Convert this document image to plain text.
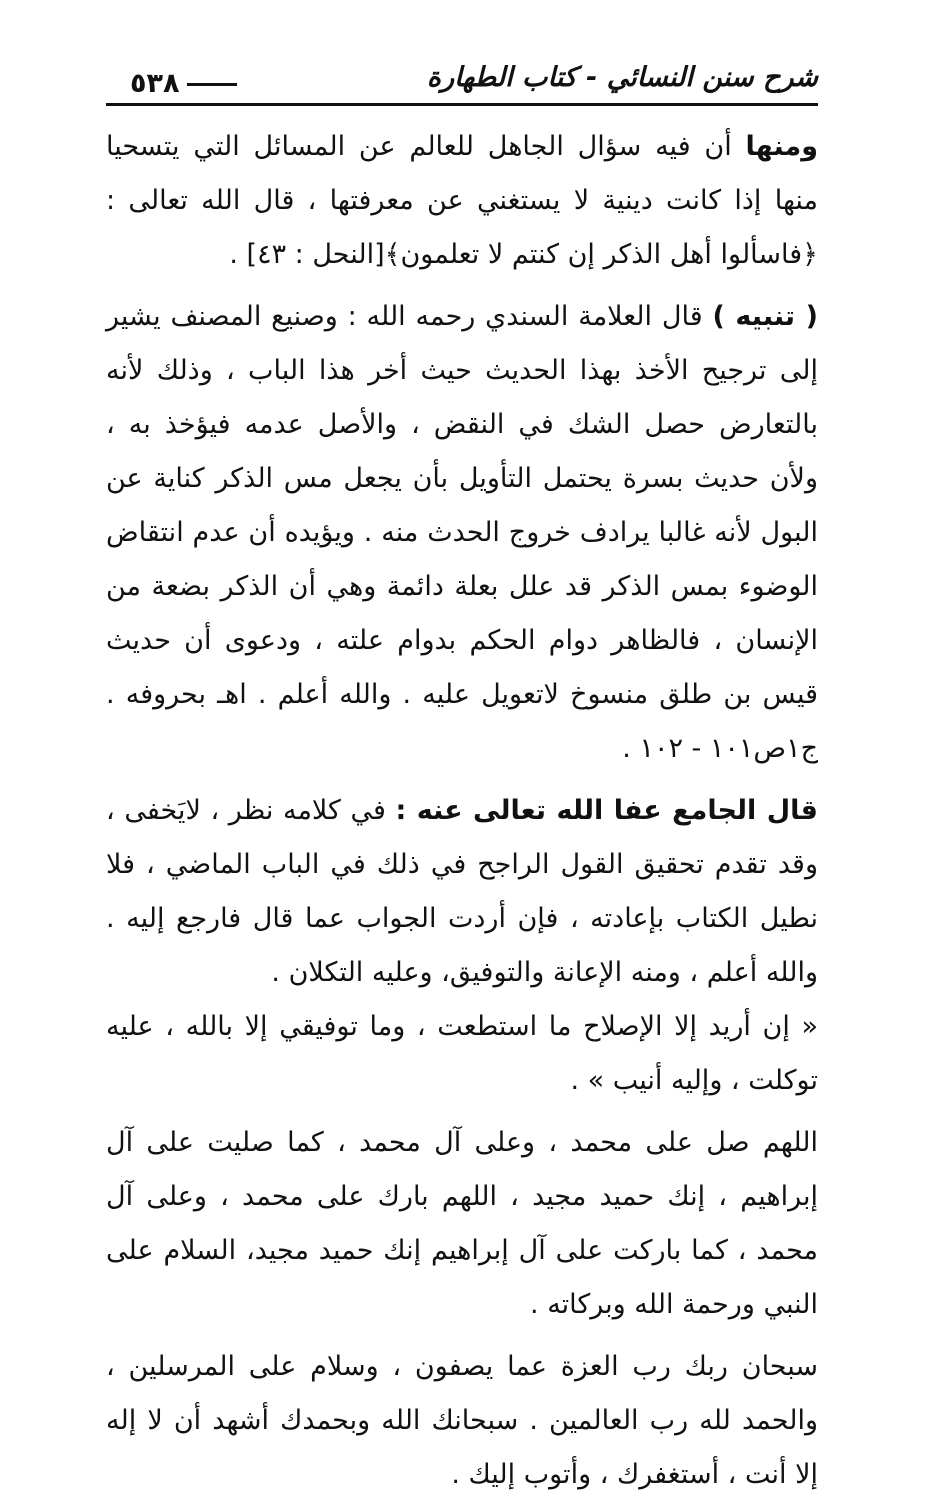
شرح سنن النسائي - كتاب الطهارة
٥٣٨

ومنها أن فيه سؤال الجاهل للعالم عن المسائل التي يتسحيا منها إذا كانت دينية لا يستغني عن معرفتها ، قال الله تعالى : ﴿فاسألوا أهل الذكر إن كنتم لا تعلمون﴾[النحل : ٤٣] .

( تنبيه ) قال العلامة السندي رحمه الله : وصنيع المصنف يشير إلى ترجيح الأخذ بهذا الحديث حيث أخر هذا الباب ، وذلك لأنه بالتعارض حصل الشك في النقض ، والأصل عدمه فيؤخذ به ، ولأن حديث بسرة يحتمل التأويل بأن يجعل مس الذكر كناية عن البول لأنه غالبا يرادف خروج الحدث منه . ويؤيده أن عدم انتقاض الوضوء بمس الذكر قد علل بعلة دائمة وهي أن الذكر بضعة من الإنسان ، فالظاهر دوام الحكم بدوام علته ، ودعوى أن حديث قيس بن طلق منسوخ لاتعويل عليه . والله أعلم . اهـ بحروفه . ج١ص١٠١ - ١٠٢ .

قال الجامع عفا الله تعالى عنه : في كلامه نظر ، لايَخفى ، وقد تقدم تحقيق القول الراجح في ذلك في الباب الماضي ، فلا نطيل الكتاب بإعادته ، فإن أردت الجواب عما قال فارجع إليه . والله أعلم ، ومنه الإعانة والتوفيق، وعليه التكلان .

« إن أريد إلا الإصلاح ما استطعت ، وما توفيقي إلا بالله ، عليه توكلت ، وإليه أنيب » .

اللهم صل على محمد ، وعلى آل محمد ، كما صليت على آل إبراهيم ، إنك حميد مجيد ، اللهم بارك على محمد ، وعلى آل محمد ، كما باركت على آل إبراهيم إنك حميد مجيد، السلام على النبي ورحمة الله وبركاته .

سبحان ربك رب العزة عما يصفون ، وسلام على المرسلين ، والحمد لله رب العالمين . سبحانك الله وبحمدك أشهد أن لا إله إلا أنت ، أستغفرك ، وأتوب إليك .
